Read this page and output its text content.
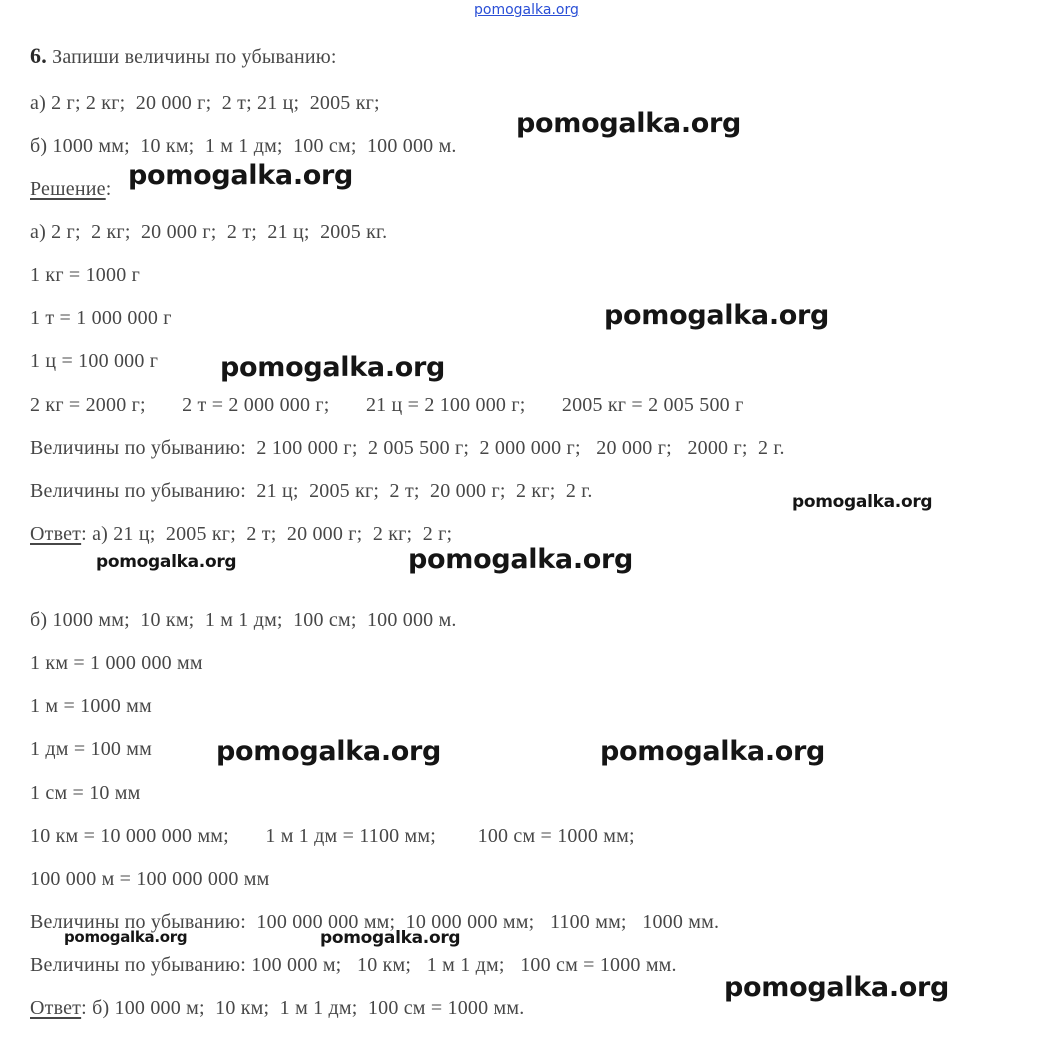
pomogalka.org
6. Запиши величины по убыванию:
а) 2 г; 2 кг;  20 000 г;  2 т; 21 ц;  2005 кг;
б) 1000 мм;  10 км;  1 м 1 дм;  100 см;  100 000 м.
Решение:
а) 2 г;  2 кг;  20 000 г;  2 т;  21 ц;  2005 кг.
1 кг = 1000 г
1 т = 1 000 000 г
1 ц = 100 000 г
2 кг = 2000 г;       2 т = 2 000 000 г;       21 ц = 2 100 000 г;       2005 кг = 2 005 500 г
Величины по убыванию:  2 100 000 г;  2 005 500 г;  2 000 000 г;   20 000 г;   2000 г;  2 г.
Величины по убыванию:  21 ц;  2005 кг;  2 т;  20 000 г;  2 кг;  2 г.
Ответ: а) 21 ц;  2005 кг;  2 т;  20 000 г;  2 кг;  2 г;
б) 1000 мм;  10 км;  1 м 1 дм;  100 см;  100 000 м.
1 км = 1 000 000 мм
1 м = 1000 мм
1 дм = 100 мм
1 см = 10 мм
10 км = 10 000 000 мм;       1 м 1 дм = 1100 мм;        100 см = 1000 мм;
100 000 м = 100 000 000 мм
Величины по убыванию:  100 000 000 мм;  10 000 000 мм;   1100 мм;   1000 мм.
Величины по убыванию: 100 000 м;   10 км;   1 м 1 дм;   100 см = 1000 мм.
Ответ: б) 100 000 м;  10 км;  1 м 1 дм;  100 см = 1000 мм.
pomogalka.org
pomogalka.org
pomogalka.org
pomogalka.org
pomogalka.org
pomogalka.org
pomogalka.org
pomogalka.org	pomogalka.org
pomogalka.org	pomogalka.org
pomogalka.org
